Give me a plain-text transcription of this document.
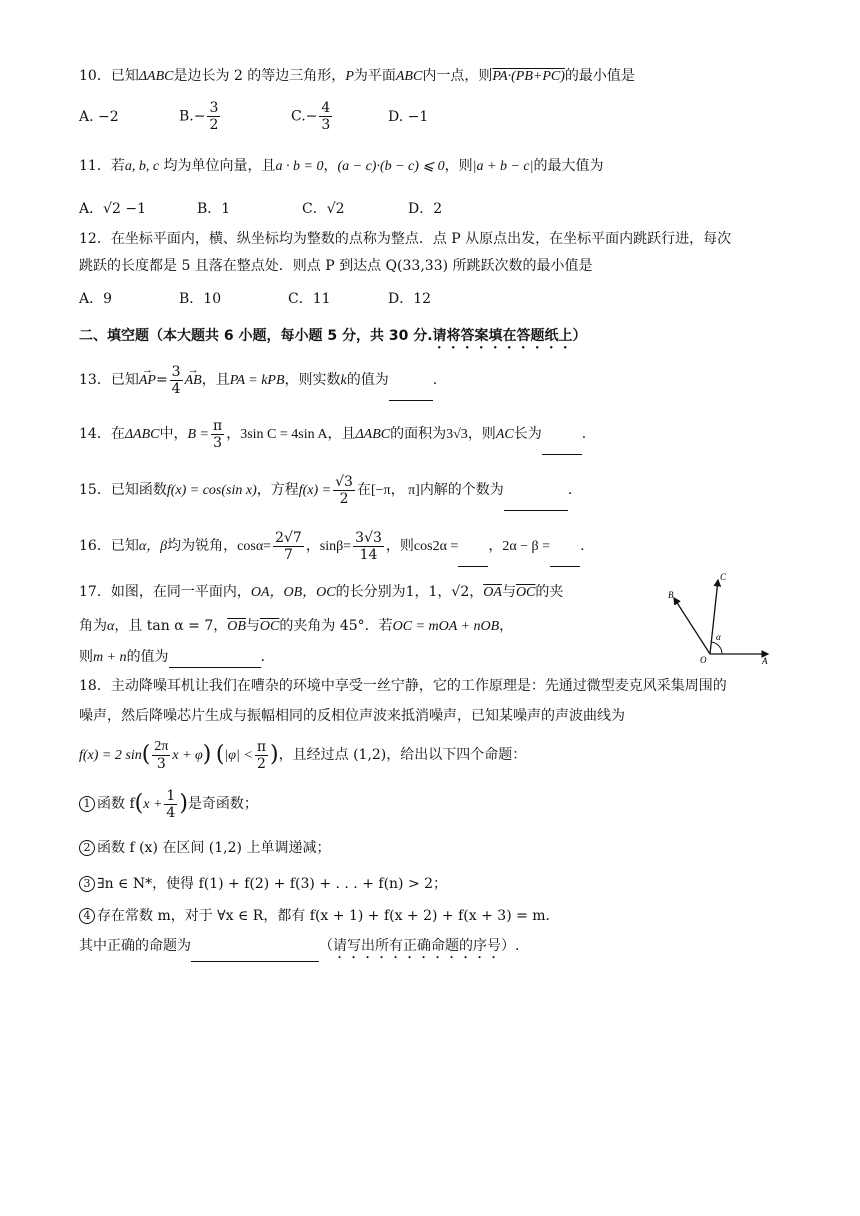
10．已知ΔABC是边长为 2 的等边三角形，P为平面ABC内一点，则PA·(PB+PC)的最小值是
A. −2	$B.- \frac{3}{2}$	$C.- \frac{4}{3}$	D. −1
11．若a, b, c 均为单位向量，且a · b = 0，(a − c)·(b − c) ⩽ 0，则|a + b − c|的最大值为
A．√2 −1	B．1	C．√2	D．2
12．在坐标平面内，横、纵坐标均为整数的点称为整点．点 P 从原点出发，在坐标平面内跳跃行进，每次
跳跃的长度都是 5 且落在整点处．则点 P 到达点 Q(33,33) 所跳跃次数的最小值是
A．9	B．10	C．11	D．12
二、填空题（本大题共 6 小题，每小题 5 分，共 30 分.请将答案填在答题纸上）
13．已知→ $AP= \frac{3}{4}$ → AB，且PA = kPB，则实数k的值为	.
14．在ΔABC中，$B = \frac{\pi}{3}$ ，3sin C = 4sin A，且ΔABC的面积为3√3，则AC长为	.
15．已知函数f(x) = cos(sin x)，方程$f(x) = \frac{√3}{2}$ 在[−π， π]内解的个数为	.
16．已知α，β均为锐角，$\cos\alpha= \frac{2√7}{7}$ ，$\sin\beta= \frac{3√3}{14}$ ，则cos2α = ，2α − β = .
17．如图，在同一平面内，OA，OB，OC的长分别为1，1，√2，$\overline{OA}$与$\overline{OC}$的夹
角为α，且 tan α = 7，$\overline{OB}$与$\overline{OC}$的夹角为 45°．若OC = mOA + nOB，
则m + n的值为	.
B
C
O	A
α
18．主动降噪耳机让我们在嘈杂的环境中享受一丝宁静，它的工作原理是：先通过微型麦克风采集周围的
噪声，然后降噪芯片生成与振幅相同的反相位声波来抵消噪声，已知某噪声的声波曲线为
f(x) = 2 $\sin( \frac{2\pi}{3}$ x + φ) ($|\varphi| < \frac{\pi}{2}$ )，且经过点 (1,2)，给出以下四个命题：
1 函数 $f(x + \frac{1}{4}$ )是奇函数；
2 函数 f (x) 在区间 (1,2) 上单调递减；
3 ∃n ∈ N*，使得 f(1) + f(2) + f(3) + . . . + f(n) > 2；
4 存在常数 m，对于 ∀x ∈ R，都有 f(x + 1) + f(x + 2) + f(x + 3) = m．
其中正确的命题为	（请写出所有正确命题的序号）.
